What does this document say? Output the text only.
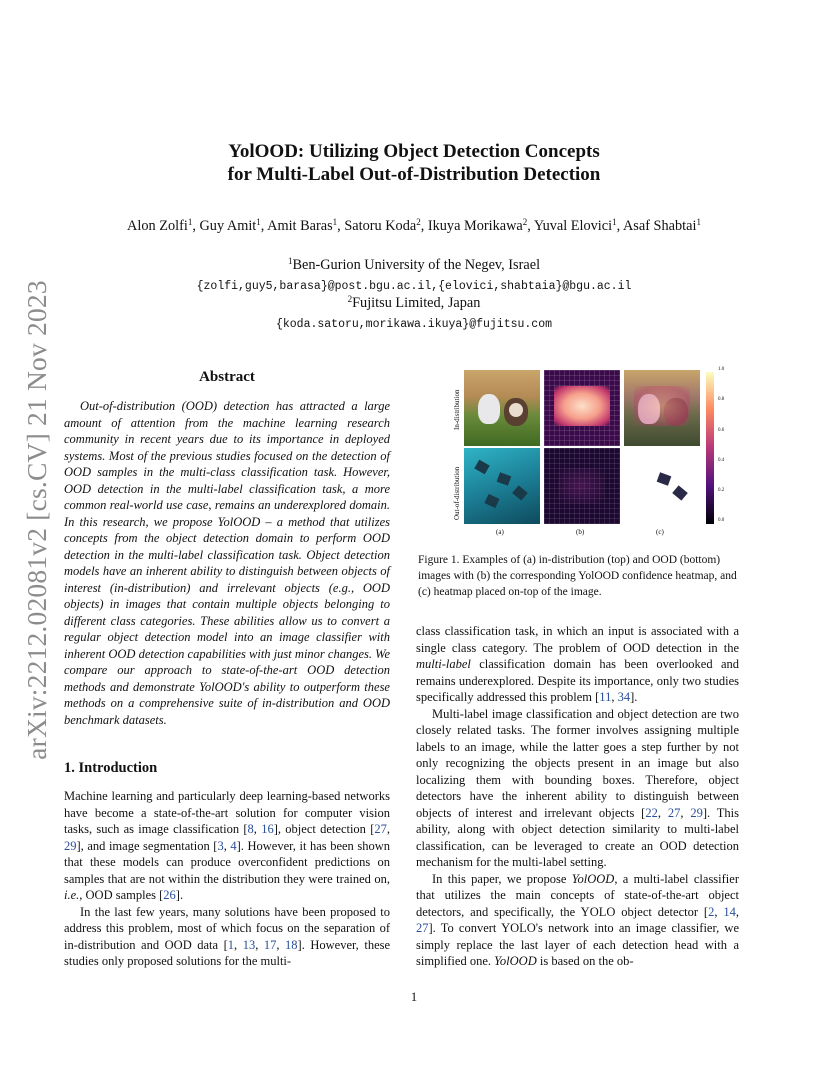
arXiv:2212.02081v2 [cs.CV] 21 Nov 2023
YolOOD: Utilizing Object Detection Concepts
for Multi-Label Out-of-Distribution Detection
Alon Zolfi$^1$, Guy Amit$^1$, Amit Baras$^1$, Satoru Koda$^2$, Ikuya Morikawa$^2$, Yuval Elovici$^1$, Asaf Shabtai$^1$
$^1$Ben-Gurion University of the Negev, Israel
{zolfi,guy5,barasa}@post.bgu.ac.il,{elovici,shabtaia}@bgu.ac.il
$^2$Fujitsu Limited, Japan
{koda.satoru,morikawa.ikuya}@fujitsu.com
Abstract
Out-of-distribution (OOD) detection has attracted a large amount of attention from the machine learning research community in recent years due to its importance in deployed systems. Most of the previous studies focused on the detection of OOD samples in the multi-class classification task. However, OOD detection in the multi-label classification task, a more common real-world use case, remains an underexplored domain. In this research, we propose YolOOD – a method that utilizes concepts from the object detection domain to perform OOD detection in the multi-label classification task. Object detection models have an inherent ability to distinguish between objects of interest (in-distribution) and irrelevant objects (e.g., OOD objects) in images that contain multiple objects belonging to different class categories. These abilities allow us to convert a regular object detection model into an image classifier with inherent OOD detection capabilities with just minor changes. We compare our approach to state-of-the-art OOD detection methods and demonstrate YolOOD's ability to outperform these methods on a comprehensive suite of in-distribution and OOD benchmark datasets.
1. Introduction

Machine learning and particularly deep learning-based networks have become a state-of-the-art solution for computer vision tasks, such as image classification [8, 16], object detection [27, 29], and image segmentation [3, 4]. However, it has been shown that these models can produce overconfident predictions on samples that are not within the distribution they were trained on, i.e., OOD samples [26].

In the last few years, many solutions have been proposed to address this problem, most of which focus on the separation of in-distribution and OOD data [1, 13, 17, 18]. However, these studies only proposed solutions for the multi-

In-distribution
Out-of-distribution
(a)	(b)	(c)
1.0
0.8
0.6
0.4
0.2
0.0
Figure 1. Examples of (a) in-distribution (top) and OOD (bottom) images with (b) the corresponding YolOOD confidence heatmap, and (c) heatmap placed on-top of the image.

class classification task, in which an input is associated with a single class category. The problem of OOD detection in the multi-label classification domain has been overlooked and remains underexplored. Despite its importance, only two studies specifically addressed this problem [11, 34].

Multi-label image classification and object detection are two closely related tasks. The former involves assigning multiple labels to an image, while the latter goes a step further by not only recognizing the objects present in an image but also localizing them with bounding boxes. Therefore, object detectors have the inherent ability to distinguish between objects of interest and irrelevant objects [22, 27, 29]. This ability, along with object detection similarity to multi-label classification, can be leveraged to create an OOD detection mechanism for the multi-label setting.

In this paper, we propose YolOOD, a multi-label classifier that utilizes the main concepts of state-of-the-art object detectors, and specifically, the YOLO object detector [2, 14, 27]. To convert YOLO's network into an image classifier, we simply replace the last layer of each detection head with a simplified one. YolOOD is based on the ob-

1
